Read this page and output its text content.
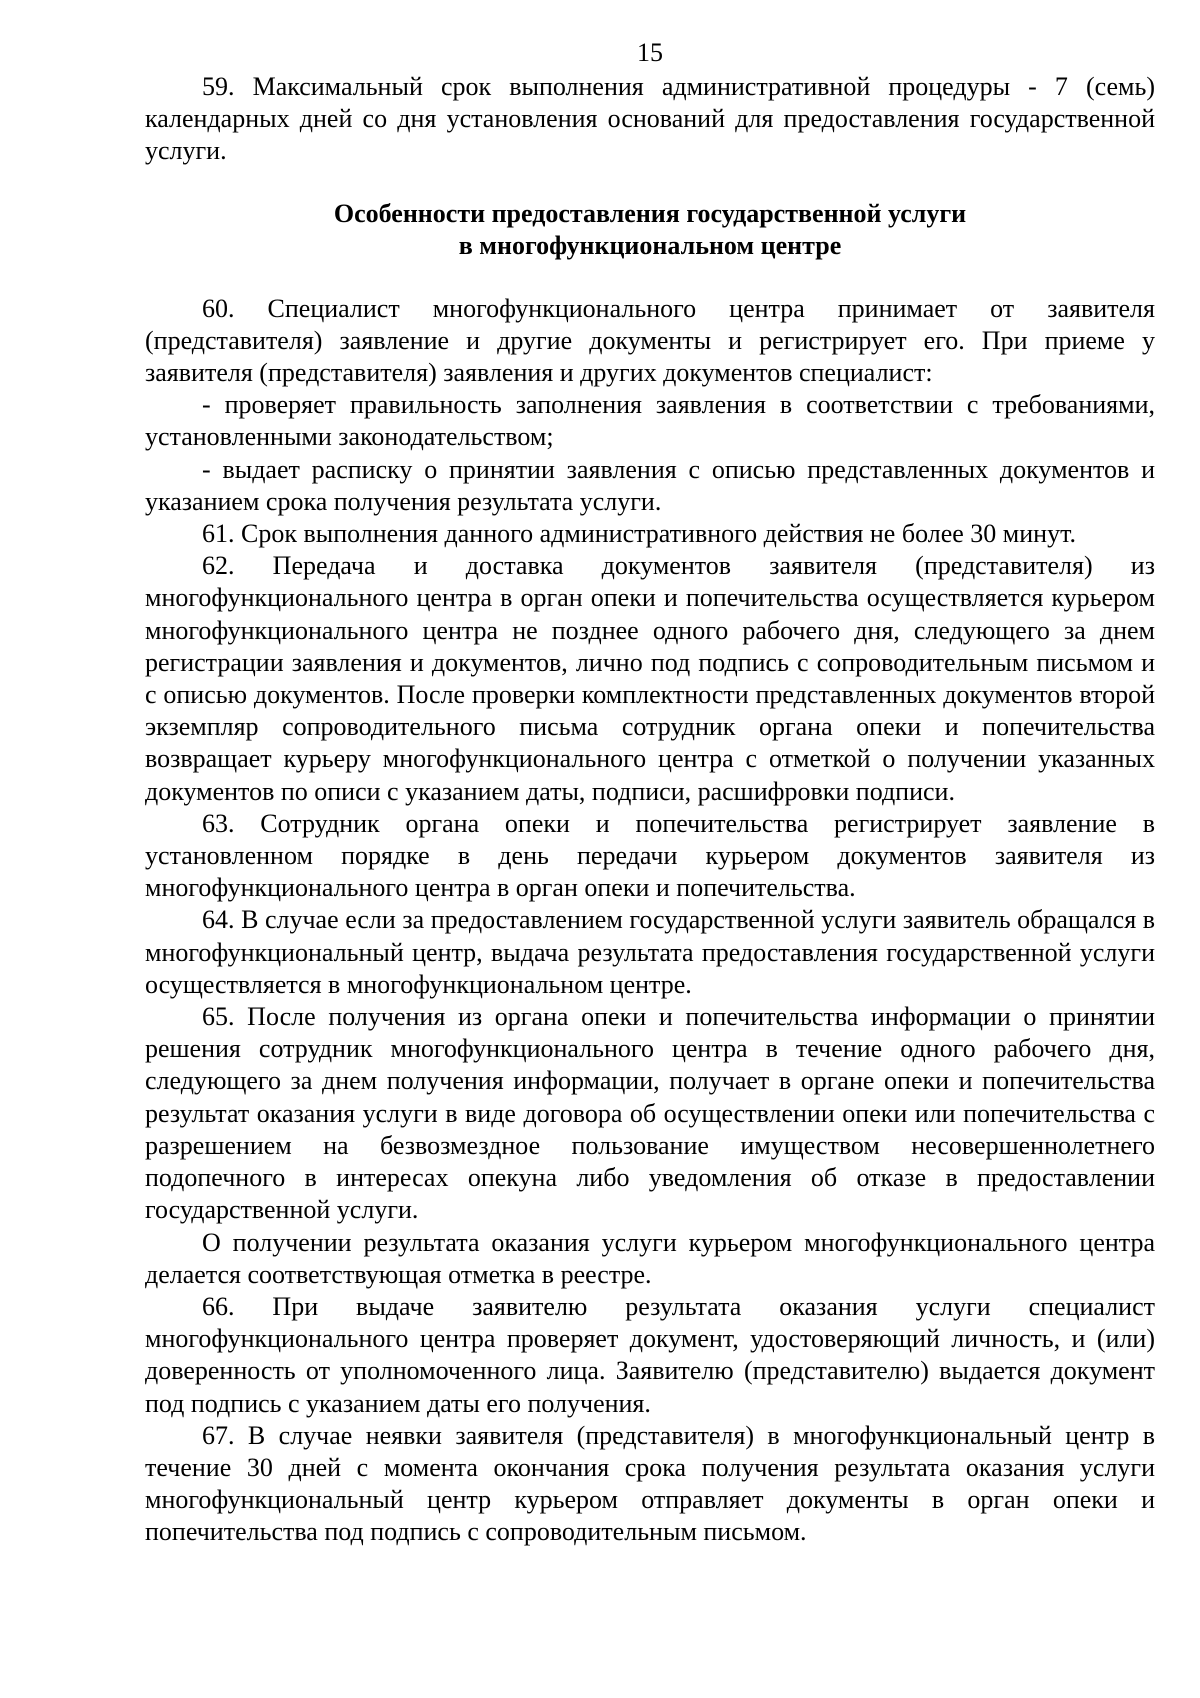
15

59. Максимальный срок выполнения административной процедуры - 7 (семь) календарных дней со дня установления оснований для предоставления государственной услуги.

Особенности предоставления государственной услуги
в многофункциональном центре

60. Специалист многофункционального центра принимает от заявителя (представителя) заявление и другие документы и регистрирует его. При приеме у заявителя (представителя) заявления и других документов специалист:

- проверяет правильность заполнения заявления в соответствии с требованиями, установленными законодательством;

- выдает расписку о принятии заявления с описью представленных документов и указанием срока получения результата услуги.

61. Срок выполнения данного административного действия не более 30 минут.

62. Передача и доставка документов заявителя (представителя) из многофункционального центра в орган опеки и попечительства осуществляется курьером многофункционального центра не позднее одного рабочего дня, следующего за днем регистрации заявления и документов, лично под подпись с сопроводительным письмом и с описью документов. После проверки комплектности представленных документов второй экземпляр сопроводительного письма сотрудник органа опеки и попечительства возвращает курьеру многофункционального центра с отметкой о получении указанных документов по описи с указанием даты, подписи, расшифровки подписи.

63. Сотрудник органа опеки и попечительства регистрирует заявление в установленном порядке в день передачи курьером документов заявителя из многофункционального центра в орган опеки и попечительства.

64. В случае если за предоставлением государственной услуги заявитель обращался в многофункциональный центр, выдача результата предоставления государственной услуги осуществляется в многофункциональном центре.

65. После получения из органа опеки и попечительства информации о принятии решения сотрудник многофункционального центра в течение одного рабочего дня, следующего за днем получения информации, получает в органе опеки и попечительства результат оказания услуги в виде договора об осуществлении опеки или попечительства с разрешением на безвозмездное пользование имуществом несовершеннолетнего подопечного в интересах опекуна либо уведомления об отказе в предоставлении государственной услуги.

О получении результата оказания услуги курьером многофункционального центра делается соответствующая отметка в реестре.

66. При выдаче заявителю результата оказания услуги специалист многофункционального центра проверяет документ, удостоверяющий личность, и (или) доверенность от уполномоченного лица. Заявителю (представителю) выдается документ под подпись с указанием даты его получения.

67. В случае неявки заявителя (представителя) в многофункциональный центр в течение 30 дней с момента окончания срока получения результата оказания услуги многофункциональный центр курьером отправляет документы в орган опеки и попечительства под подпись с сопроводительным письмом.
